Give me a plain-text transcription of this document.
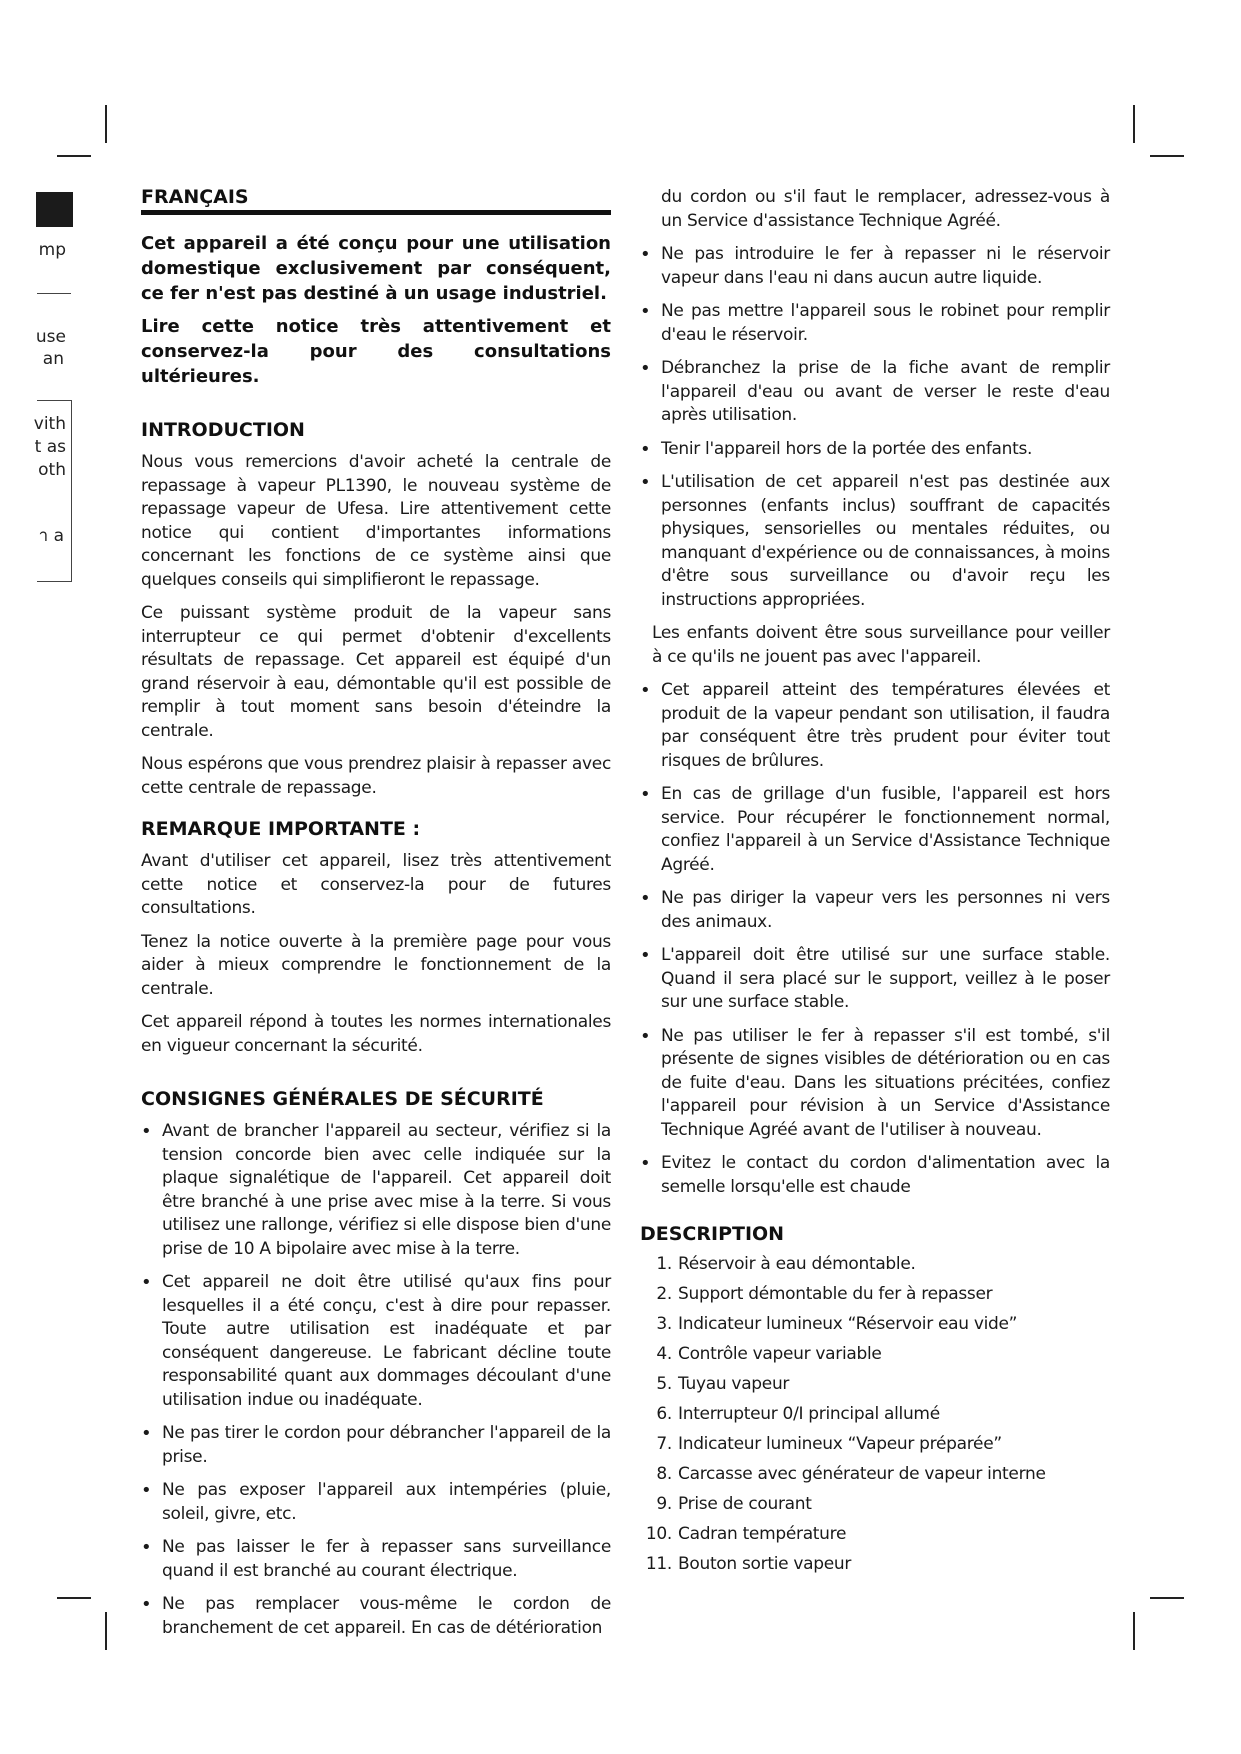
mp
use
an
vith
t as
oth
า a
FRANÇAIS

Cet appareil a été conçu pour une utilisation domestique exclusivement par conséquent, ce fer n'est pas destiné à un usage industriel.

Lire cette notice très attentivement et conservez-la pour des consultations ultérieures.

INTRODUCTION

Nous vous remercions d'avoir acheté la centrale de repassage à vapeur PL1390, le nouveau système de repassage vapeur de Ufesa. Lire attentivement cette notice qui contient d'importantes informations concernant les fonctions de ce système ainsi que quelques conseils qui simplifieront le repassage.

Ce puissant système produit de la vapeur sans interrupteur ce qui permet d'obtenir d'excellents résultats de repassage. Cet appareil est équipé d'un grand réservoir à eau, démontable qu'il est possible de remplir à tout moment sans besoin d'éteindre la centrale.

Nous espérons que vous prendrez plaisir à repasser avec cette centrale de repassage.

REMARQUE IMPORTANTE :

Avant d'utiliser cet appareil, lisez très attentivement cette notice et conservez-la pour de futures consultations.

Tenez la notice ouverte à la première page pour vous aider à mieux comprendre le fonctionnement de la centrale.

Cet appareil répond à toutes les normes internationales en vigueur concernant la sécurité.

CONSIGNES GÉNÉRALES DE SÉCURITÉ
• Avant de brancher l'appareil au secteur, vérifiez si la tension concorde bien avec celle indiquée sur la plaque signalétique de l'appareil. Cet appareil doit être branché à une prise avec mise à la terre. Si vous utilisez une rallonge, vérifiez si elle dispose bien d'une prise de 10 A bipolaire avec mise à la terre.
• Cet appareil ne doit être utilisé qu'aux fins pour lesquelles il a été conçu, c'est à dire pour repasser. Toute autre utilisation est inadéquate et par conséquent dangereuse. Le fabricant décline toute responsabilité quant aux dommages découlant d'une utilisation indue ou inadéquate.
• Ne pas tirer le cordon pour débrancher l'appareil de la prise.
• Ne pas exposer l'appareil aux intempéries (pluie, soleil, givre, etc.
• Ne pas laisser le fer à repasser sans surveillance quand il est branché au courant électrique.
• Ne pas remplacer vous-même le cordon de branchement de cet appareil. En cas de détérioration

du cordon ou s'il faut le remplacer, adressez-vous à un Service d'assistance Technique Agréé.

• Ne pas introduire le fer à repasser ni le réservoir vapeur dans l'eau ni dans aucun autre liquide.
• Ne pas mettre l'appareil sous le robinet pour remplir d'eau le réservoir.
• Débranchez la prise de la fiche avant de remplir l'appareil d'eau ou avant de verser le reste d'eau après utilisation.
• Tenir l'appareil hors de la portée des enfants.
• L'utilisation de cet appareil n'est pas destinée aux personnes (enfants inclus) souffrant de capacités physiques, sensorielles ou mentales réduites, ou manquant d'expérience ou de connaissances, à moins d'être sous surveillance ou d'avoir reçu les instructions appropriées.

Les enfants doivent être sous surveillance pour veiller à ce qu'ils ne jouent pas avec l'appareil.

• Cet appareil atteint des températures élevées et produit de la vapeur pendant son utilisation, il faudra par conséquent être très prudent pour éviter tout risques de brûlures.
• En cas de grillage d'un fusible, l'appareil est hors service. Pour récupérer le fonctionnement normal, confiez l'appareil à un Service d'Assistance Technique Agréé.
• Ne pas diriger la vapeur vers les personnes ni vers des animaux.
• L'appareil doit être utilisé sur une surface stable. Quand il sera placé sur le support, veillez à le poser sur une surface stable.
• Ne pas utiliser le fer à repasser s'il est tombé, s'il présente de signes visibles de détérioration ou en cas de fuite d'eau. Dans les situations précitées, confiez l'appareil pour révision à un Service d'Assistance Technique Agréé avant de l'utiliser à nouveau.
• Evitez le contact du cordon d'alimentation avec la semelle lorsqu'elle est chaude
DESCRIPTION
1. Réservoir à eau démontable.
2. Support démontable du fer à repasser
3. Indicateur lumineux “Réservoir eau vide”
4. Contrôle vapeur variable
5. Tuyau vapeur
6. Interrupteur 0/I principal allumé
7. Indicateur lumineux “Vapeur préparée”
8. Carcasse avec générateur de vapeur interne
9. Prise de courant
10. Cadran température
11. Bouton sortie vapeur
